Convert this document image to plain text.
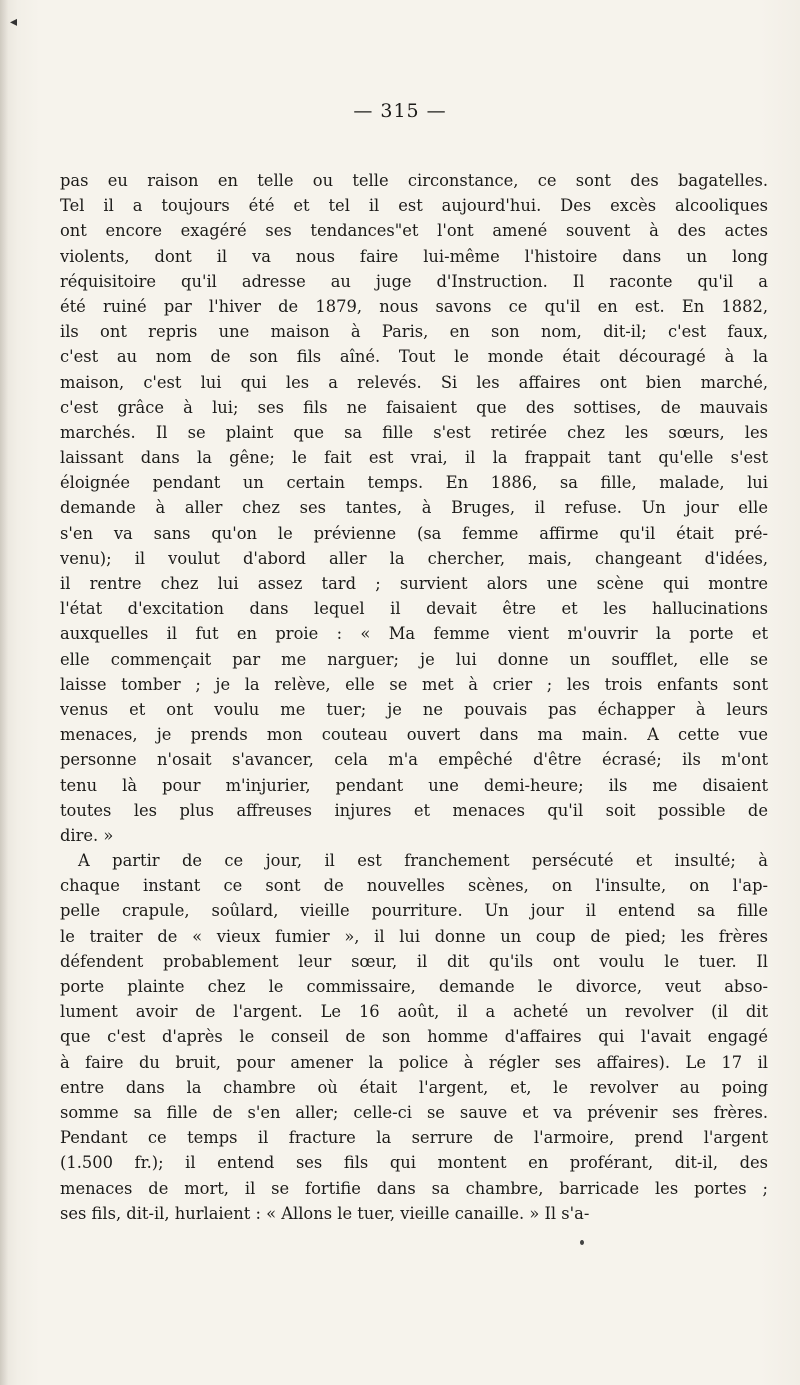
◂
— 315 —
pas eu raison en telle ou telle circonstance, ce sont des bagatelles.
Tel il a toujours été et tel il est aujourd'hui. Des excès alcooliques
ont encore exagéré ses tendances"et l'ont amené souvent à des actes
violents, dont il va nous faire lui-même l'histoire dans un long
réquisitoire qu'il adresse au juge d'Instruction. Il raconte qu'il a
été ruiné par l'hiver de 1879, nous savons ce qu'il en est. En 1882,
ils ont repris une maison à Paris, en son nom, dit-il; c'est faux,
c'est au nom de son fils aîné. Tout le monde était découragé à la
maison, c'est lui qui les a relevés. Si les affaires ont bien marché,
c'est grâce à lui; ses fils ne faisaient que des sottises, de mauvais
marchés. Il se plaint que sa fille s'est retirée chez les sœurs, les
laissant dans la gêne; le fait est vrai, il la frappait tant qu'elle s'est
éloignée pendant un certain temps. En 1886, sa fille, malade, lui
demande à aller chez ses tantes, à Bruges, il refuse. Un jour elle
s'en va sans qu'on le prévienne (sa femme affirme qu'il était pré-
venu); il voulut d'abord aller la chercher, mais, changeant d'idées,
il rentre chez lui assez tard ; survient alors une scène qui montre
l'état d'excitation dans lequel il devait être et les hallucinations
auxquelles il fut en proie : « Ma femme vient m'ouvrir la porte et
elle commençait par me narguer; je lui donne un soufflet, elle se
laisse tomber ; je la relève, elle se met à crier ; les trois enfants sont
venus et ont voulu me tuer; je ne pouvais pas échapper à leurs
menaces, je prends mon couteau ouvert dans ma main. A cette vue
personne n'osait s'avancer, cela m'a empêché d'être écrasé; ils m'ont
tenu là pour m'injurier, pendant une demi-heure; ils me disaient
toutes les plus affreuses injures et menaces qu'il soit possible de
dire. »
A partir de ce jour, il est franchement persécuté et insulté; à
chaque instant ce sont de nouvelles scènes, on l'insulte, on l'ap-
pelle crapule, soûlard, vieille pourriture. Un jour il entend sa fille
le traiter de « vieux fumier », il lui donne un coup de pied; les frères
défendent probablement leur sœur, il dit qu'ils ont voulu le tuer. Il
porte plainte chez le commissaire, demande le divorce, veut abso-
lument avoir de l'argent. Le 16 août, il a acheté un revolver (il dit
que c'est d'après le conseil de son homme d'affaires qui l'avait engagé
à faire du bruit, pour amener la police à régler ses affaires). Le 17 il
entre dans la chambre où était l'argent, et, le revolver au poing
somme sa fille de s'en aller; celle-ci se sauve et va prévenir ses frères.
Pendant ce temps il fracture la serrure de l'armoire, prend l'argent
(1.500 fr.); il entend ses fils qui montent en proférant, dit-il, des
menaces de mort, il se fortifie dans sa chambre, barricade les portes ;
ses fils, dit-il, hurlaient : « Allons le tuer, vieille canaille. » Il s'a-
